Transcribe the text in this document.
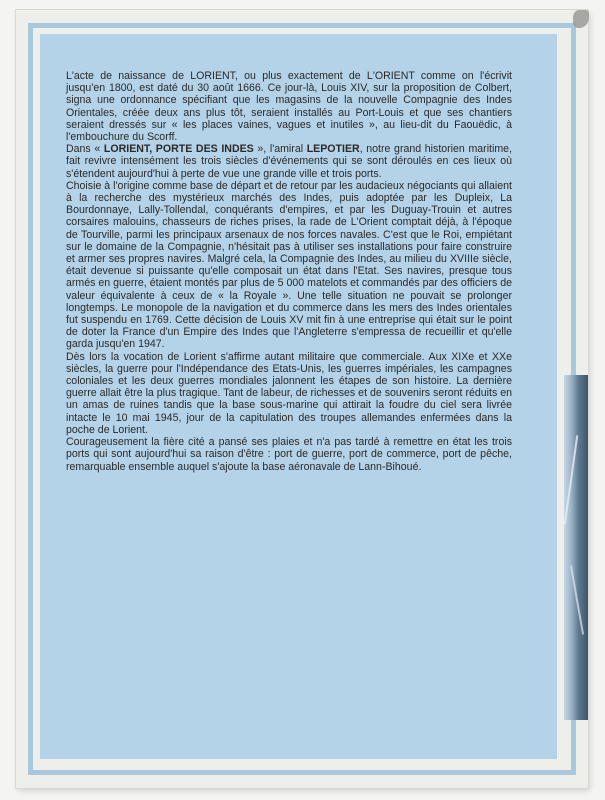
L'acte de naissance de LORIENT, ou plus exactement de L'ORIENT comme on l'écrivit jusqu'en 1800, est daté du 30 août 1666. Ce jour-là, Louis XIV, sur la proposition de Colbert, signa une ordonnance spécifiant que les magasins de la nouvelle Compagnie des Indes Orientales, créée deux ans plus tôt, seraient installés au Port-Louis et que ses chantiers seraient dressés sur « les places vaines, vagues et inutiles », au lieu-dit du Faouëdic, à l'embouchure du Scorff.

Dans « LORIENT, PORTE DES INDES », l'amiral LEPOTIER, notre grand historien maritime, fait revivre intensément les trois siècles d'événements qui se sont déroulés en ces lieux où s'étendent aujourd'hui à perte de vue une grande ville et trois ports.

Choisie à l'origine comme base de départ et de retour par les audacieux négociants qui allaient à la recherche des mystérieux marchés des Indes, puis adoptée par les Dupleix, La Bourdonnaye, Lally-Tollendal, conquérants d'empires, et par les Duguay-Trouin et autres corsaires malouins, chasseurs de riches prises, la rade de L'Orient comptait déjà, à l'époque de Tourville, parmi les principaux arsenaux de nos forces navales. C'est que le Roi, empiétant sur le domaine de la Compagnie, n'hésitait pas à utiliser ses installations pour faire construire et armer ses propres navires. Malgré cela, la Compagnie des Indes, au milieu du XVIIIe siècle, était devenue si puissante qu'elle composait un état dans l'Etat. Ses navires, presque tous armés en guerre, étaient montés par plus de 5 000 matelots et commandés par des officiers de valeur équivalente à ceux de « la Royale ». Une telle situation ne pouvait se prolonger longtemps. Le monopole de la navigation et du commerce dans les mers des Indes orientales fut suspendu en 1769. Cette décision de Louis XV mit fin à une entreprise qui était sur le point de doter la France d'un Empire des Indes que l'Angleterre s'empressa de recueillir et qu'elle garda jusqu'en 1947.

Dès lors la vocation de Lorient s'affirme autant militaire que commerciale. Aux XIXe et XXe siècles, la guerre pour l'Indépendance des Etats-Unis, les guerres impériales, les campagnes coloniales et les deux guerres mondiales jalonnent les étapes de son histoire. La dernière guerre allait être la plus tragique. Tant de labeur, de richesses et de souvenirs seront réduits en un amas de ruines tandis que la base sous-marine qui attirait la foudre du ciel sera livrée intacte le 10 mai 1945, jour de la capitulation des troupes allemandes enfermées dans la poche de Lorient.

Courageusement la fière cité a pansé ses plaies et n'a pas tardé à remettre en état les trois ports qui sont aujourd'hui sa raison d'être : port de guerre, port de commerce, port de pêche, remarquable ensemble auquel s'ajoute la base aéronavale de Lann-Bihoué.
